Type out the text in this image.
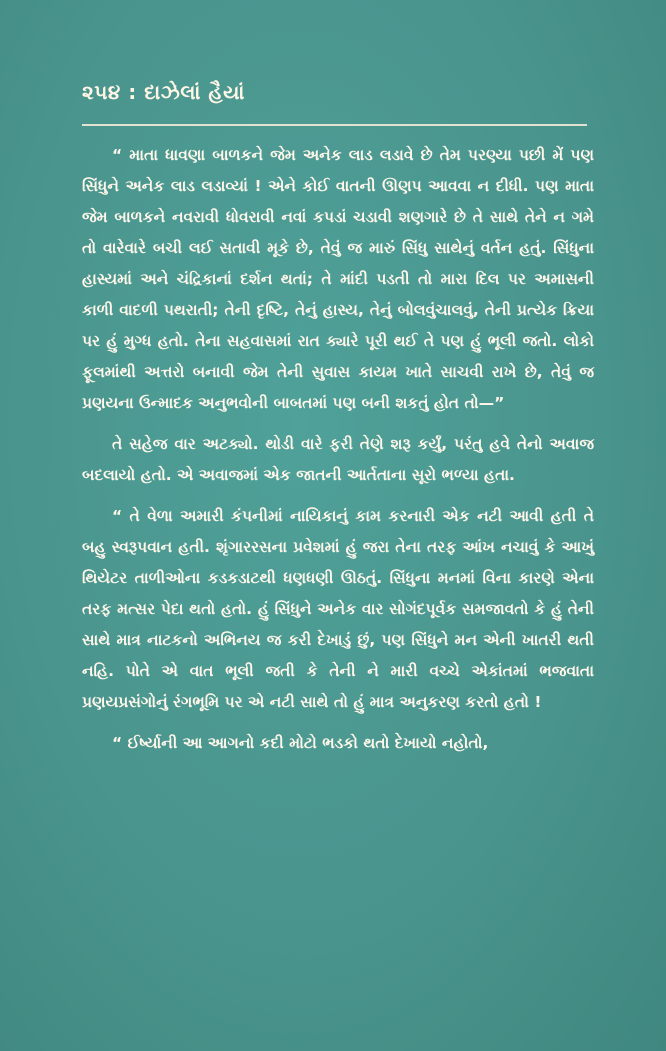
૨૫૪ : દાઝેલાં હૈયાં

“ માતા ધાવણા બાળકને જેમ અનેક લાડ લડાવે છે તેમ પરણ્યા પછી મેં પણ સિંધુને અનેક લાડ લડાવ્યાં ! એને કોઈ વાતની ઊણપ આવવા ન દીધી. પણ માતા જેમ બાળકને નવરાવી ધોવરાવી નવાં કપડાં ચડાવી શણગારે છે તે સાથે તેને ન ગમે તો વારેવારે બચી લઈ સતાવી મૂકે છે, તેવું જ મારું સિંધુ સાથેનું વર્તન હતું. સિંધુના હાસ્યમાં અને ચંદ્રિકાનાં દર્શન થતાં; તે માંદી પડતી તો મારા દિલ પર અમાસની કાળી વાદળી પથરાતી; તેની દૃષ્ટિ, તેનું હાસ્ય, તેનું બોલવુંચાલવું, તેની પ્રત્યેક ક્રિયા પર હું મુગ્ધ હતો. તેના સહવાસમાં રાત ક્યારે પૂરી થઈ તે પણ હું ભૂલી જતો. લોકો ફૂલમાંથી અત્તરો બનાવી જેમ તેની સુવાસ કાયમ ખાતે સાચવી રાખે છે, તેવું જ પ્રણયના ઉન્માદક અનુભવોની બાબતમાં પણ બની શકતું હોત તો—”

તે સહેજ વાર અટક્યો. થોડી વારે ફરી તેણે શરૂ કર્યું, પરંતુ હવે તેનો અવાજ બદલાયો હતો. એ અવાજમાં એક જાતની આર્તતાના સૂરો ભળ્યા હતા.

“ તે વેળા અમારી કંપનીમાં નાયિકાનું કામ કરનારી એક નટી આવી હતી તે બહુ સ્વરૂપવાન હતી. શૃંગારરસના પ્રવેશમાં હું જરા તેના તરફ આંખ નચાવું કે આખું થિયેટર તાળીઓના કડકડાટથી ધણધણી ઊઠતું. સિંધુના મનમાં વિના કારણે એના તરફ મત્સર પેદા થતો હતો. હું સિંધુને અનેક વાર સોગંદપૂર્વક સમજાવતો કે હું તેની સાથે માત્ર નાટકનો અભિનય જ કરી દેખાડું છું, પણ સિંધુને મન એની ખાતરી થતી નહિ. પોતે એ વાત ભૂલી જતી કે તેની ને મારી વચ્ચે એકાંતમાં ભજવાતા પ્રણયપ્રસંગોનું રંગભૂમિ પર એ નટી સાથે તો હું માત્ર અનુકરણ કરતો હતો !

“ ઈર્ષ્યાની આ આગનો કદી મોટો ભડકો થતો દેખાયો નહોતો,
